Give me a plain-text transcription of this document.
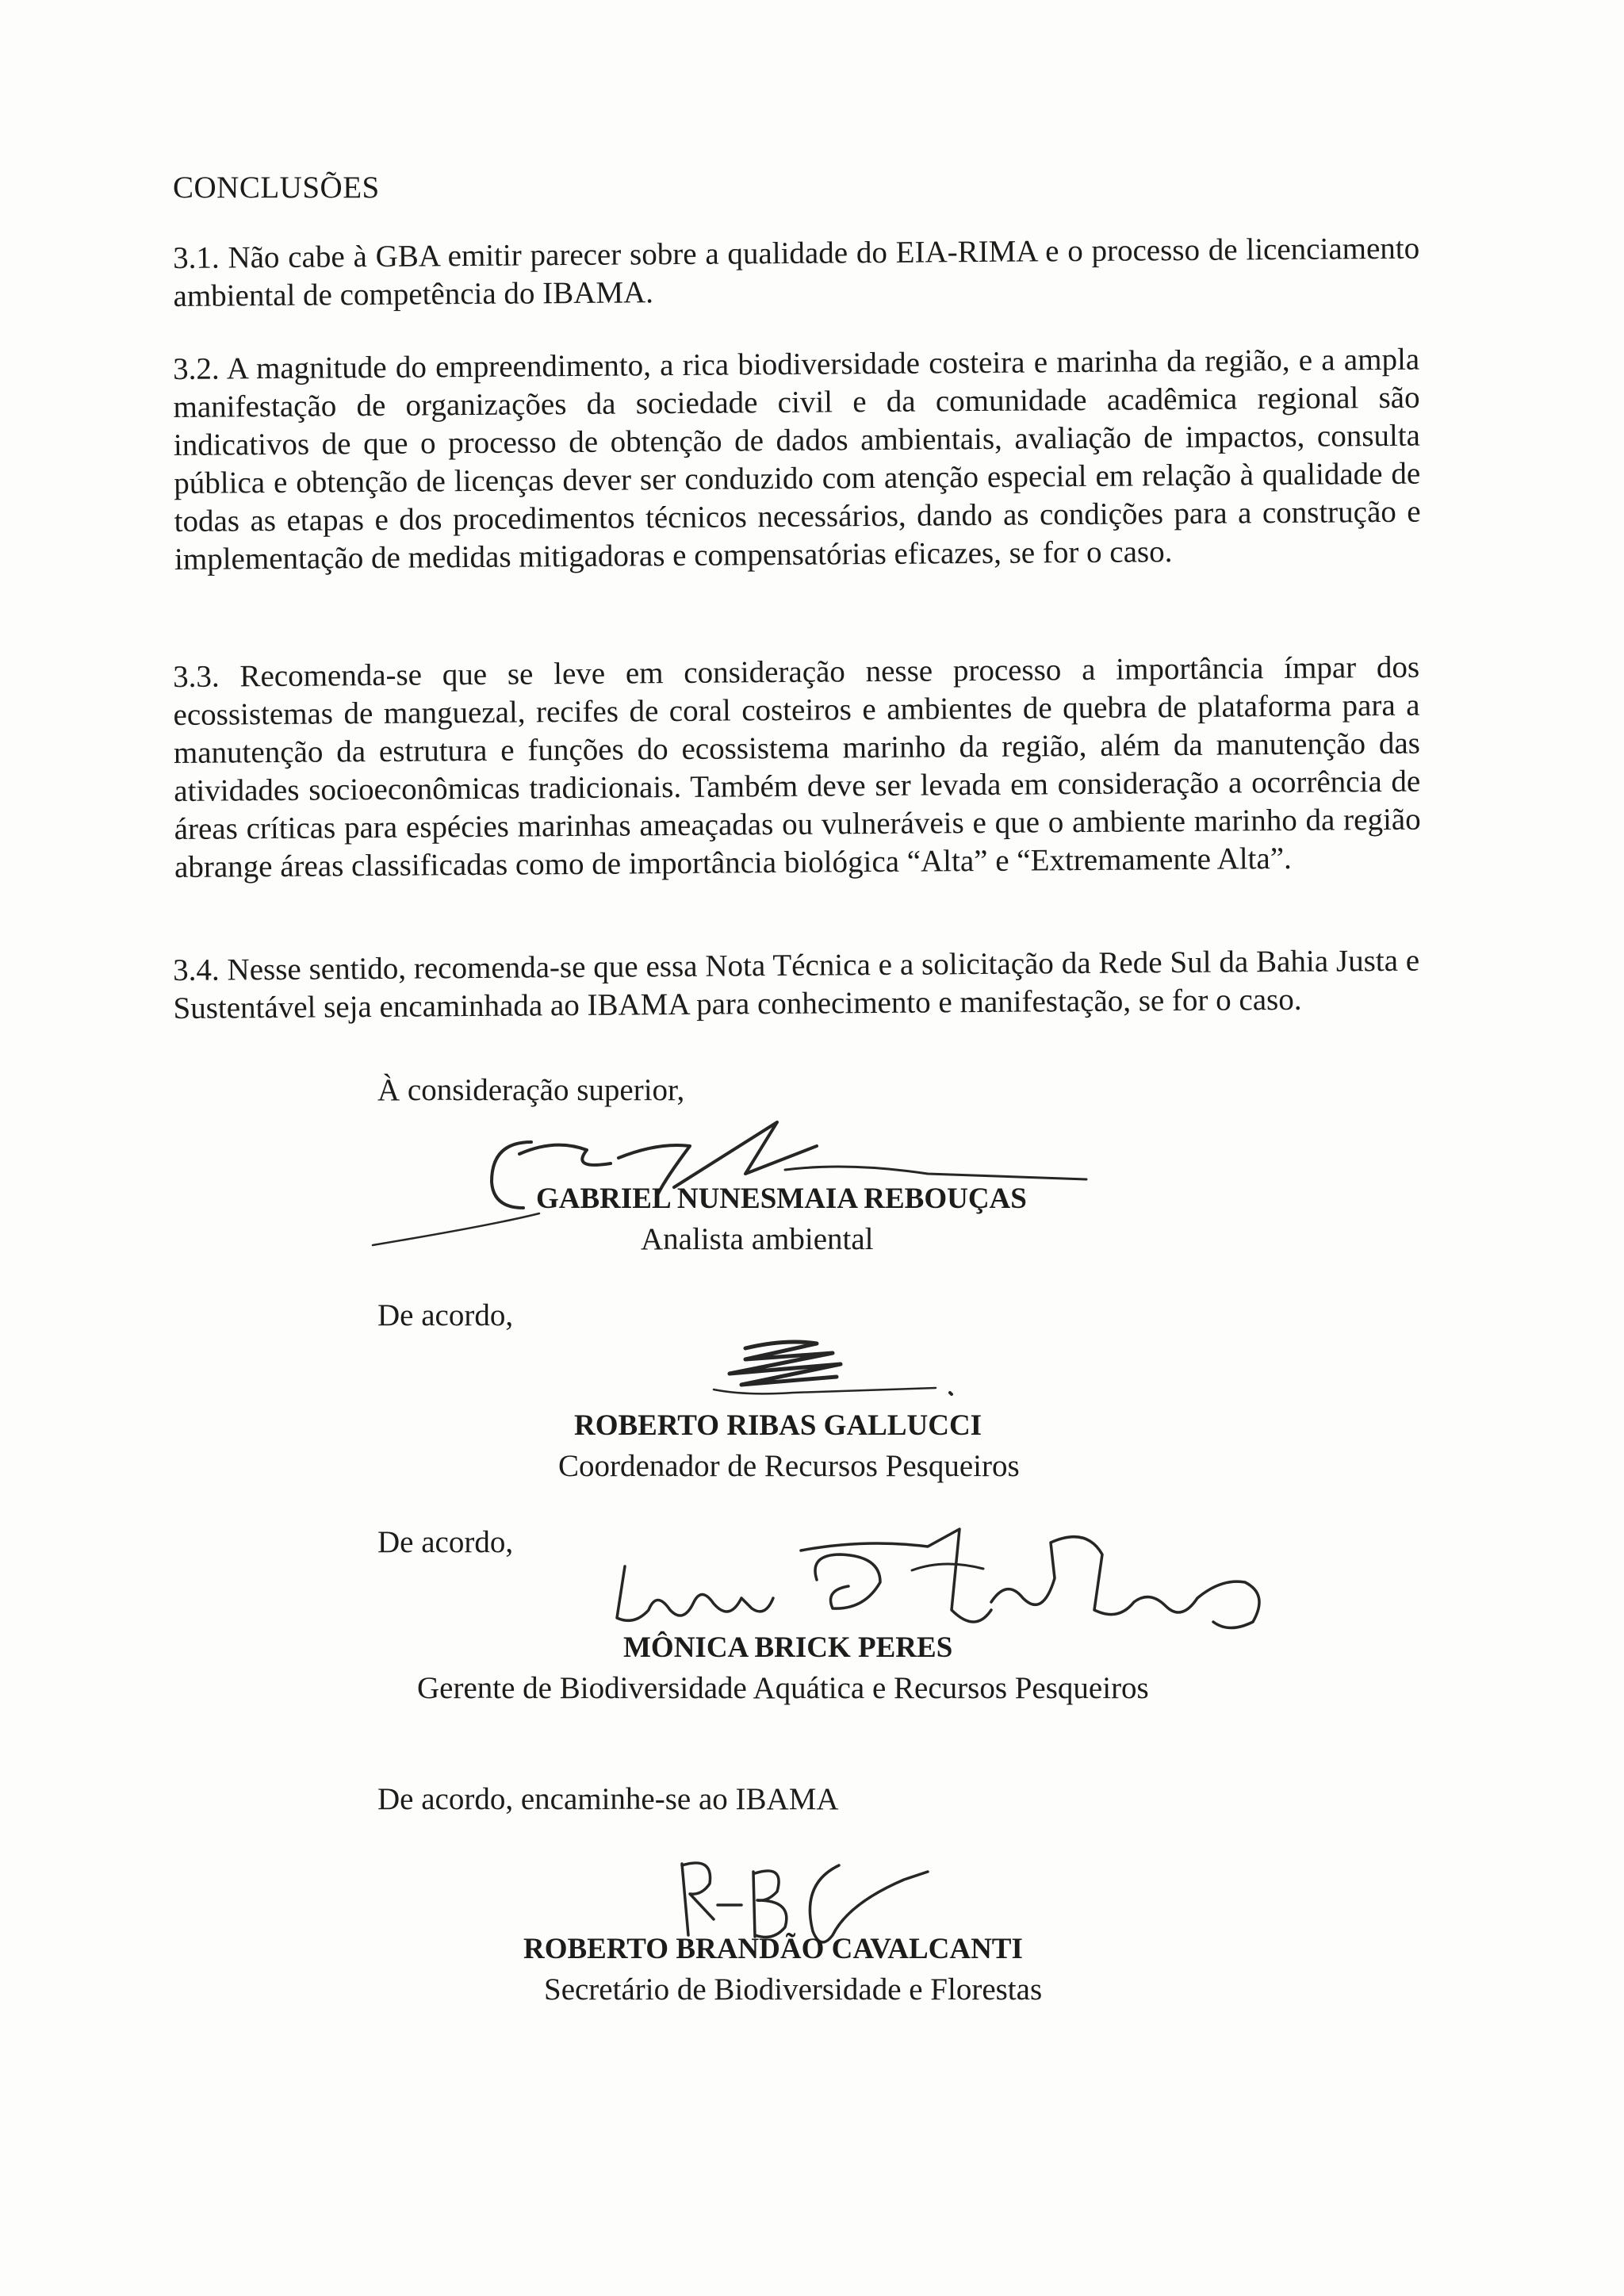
CONCLUSÕES
3.1. Não cabe à GBA emitir parecer sobre a qualidade do EIA-RIMA e o processo de licenciamento ambiental de competência do IBAMA.
3.2. A magnitude do empreendimento, a rica biodiversidade costeira e marinha da região, e a ampla manifestação de organizações da sociedade civil e da comunidade acadêmica regional são indicativos de que o processo de obtenção de dados ambientais, avaliação de impactos, consulta pública e obtenção de licenças dever ser conduzido com atenção especial em relação à qualidade de todas as etapas e dos procedimentos técnicos necessários, dando as condições para a construção e implementação de medidas mitigadoras e compensatórias eficazes, se for o caso.
3.3. Recomenda-se que se leve em consideração nesse processo a importância ímpar dos ecossistemas de manguezal, recifes de coral costeiros e ambientes de quebra de plataforma para a manutenção da estrutura e funções do ecossistema marinho da região, além da manutenção das atividades socioeconômicas tradicionais. Também deve ser levada em consideração a ocorrência de áreas críticas para espécies marinhas ameaçadas ou vulneráveis e que o ambiente marinho da região abrange áreas classificadas como de importância biológica “Alta” e “Extremamente Alta”.
3.4. Nesse sentido, recomenda-se que essa Nota Técnica e a solicitação da Rede Sul da Bahia Justa e Sustentável seja encaminhada ao IBAMA para conhecimento e manifestação, se for o caso.
À consideração superior,
GABRIEL NUNESMAIA REBOUÇAS
Analista ambiental
De acordo,
ROBERTO RIBAS GALLUCCI
Coordenador de Recursos Pesqueiros
De acordo,
MÔNICA BRICK PERES
Gerente de Biodiversidade Aquática e Recursos Pesqueiros
De acordo, encaminhe-se ao IBAMA
ROBERTO BRANDÃO CAVALCANTI
Secretário de Biodiversidade e Florestas
